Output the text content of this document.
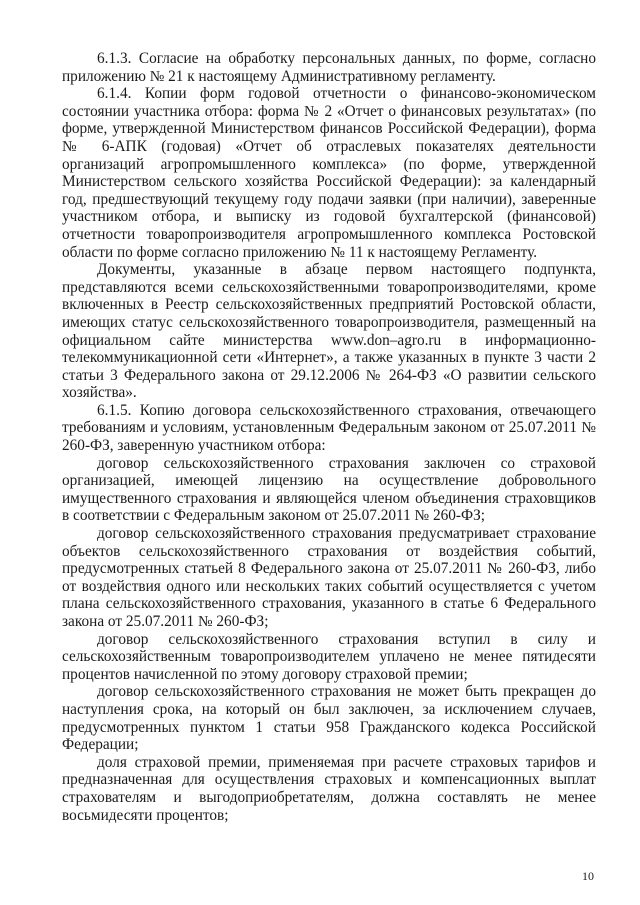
6.1.3. Согласие на обработку персональных данных, по форме, согласно приложению № 21 к настоящему Административному регламенту.

6.1.4. Копии форм годовой отчетности о финансово-экономическом состоянии участника отбора: форма № 2 «Отчет о финансовых результатах» (по форме, утвержденной Министерством финансов Российской Федерации), форма № 6-АПК (годовая) «Отчет об отраслевых показателях деятельности организаций агропромышленного комплекса» (по форме, утвержденной Министерством сельского хозяйства Российской Федерации): за календарный год, предшествующий текущему году подачи заявки (при наличии), заверенные участником отбора, и выписку из годовой бухгалтерской (финансовой) отчетности товаропроизводителя агропромышленного комплекса Ростовской области по форме согласно приложению № 11 к настоящему Регламенту.

Документы, указанные в абзаце первом настоящего подпункта, представляются всеми сельскохозяйственными товаропроизводителями, кроме включенных в Реестр сельскохозяйственных предприятий Ростовской области, имеющих статус сельскохозяйственного товаропроизводителя, размещенный на официальном сайте министерства www.don–agro.ru в информационно-телекоммуникационной сети «Интернет», а также указанных в пункте 3 части 2 статьи 3 Федерального закона от 29.12.2006 № 264-ФЗ «О развитии сельского хозяйства».

6.1.5. Копию договора сельскохозяйственного страхования, отвечающего требованиям и условиям, установленным Федеральным законом от 25.07.2011 № 260-ФЗ, заверенную участником отбора:

договор сельскохозяйственного страхования заключен со страховой организацией, имеющей лицензию на осуществление добровольного имущественного страхования и являющейся членом объединения страховщиков в соответствии с Федеральным законом от 25.07.2011 № 260-ФЗ;

договор сельскохозяйственного страхования предусматривает страхование объектов сельскохозяйственного страхования от воздействия событий, предусмотренных статьей 8 Федерального закона от 25.07.2011 № 260-ФЗ, либо от воздействия одного или нескольких таких событий осуществляется с учетом плана сельскохозяйственного страхования, указанного в статье 6 Федерального закона от 25.07.2011 № 260-ФЗ;

договор сельскохозяйственного страхования вступил в силу и сельскохозяйственным товаропроизводителем уплачено не менее пятидесяти процентов начисленной по этому договору страховой премии;

договор сельскохозяйственного страхования не может быть прекращен до наступления срока, на который он был заключен, за исключением случаев, предусмотренных пунктом 1 статьи 958 Гражданского кодекса Российской Федерации;

доля страховой премии, применяемая при расчете страховых тарифов и предназначенная для осуществления страховых и компенсационных выплат страхователям и выгодоприобретателям, должна составлять не менее восьмидесяти процентов;

10
